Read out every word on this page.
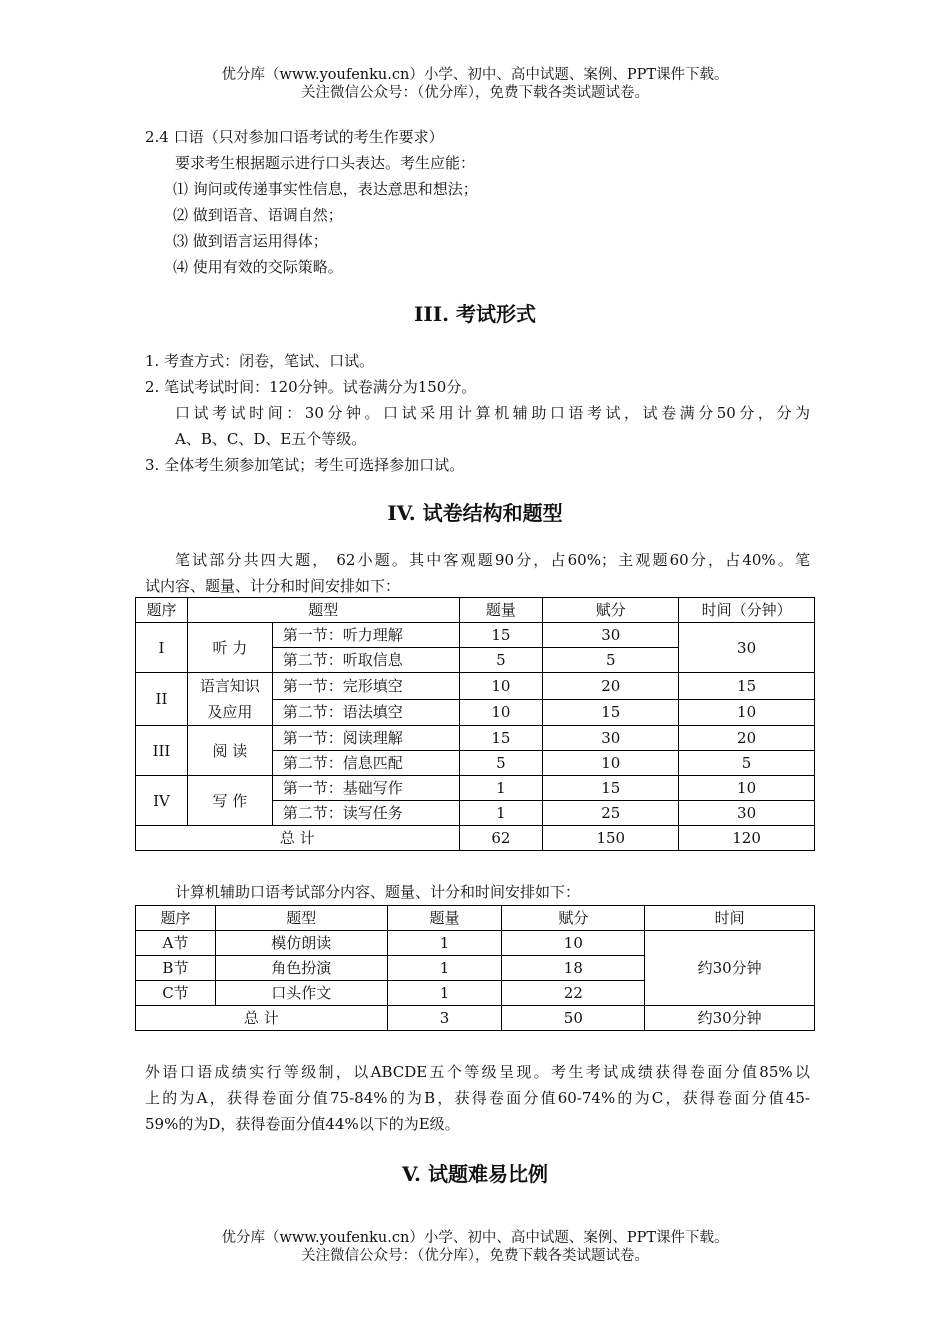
优分库（www.youfenku.cn）小学、初中、高中试题、案例、PPT课件下载。
关注微信公众号：（优分库），免费下载各类试题试卷。
2.4 口语（只对参加口语考试的考生作要求）
要求考生根据题示进行口头表达。考生应能：
⑴ 询问或传递事实性信息，表达意思和想法；
⑵ 做到语音、语调自然；
⑶ 做到语言运用得体；
⑷ 使用有效的交际策略。
III. 考试形式
1. 考查方式：闭卷，笔试、口试。
2. 笔试考试时间：120分钟。试卷满分为150分。
口试考试时间：30分钟。口试采用计算机辅助口语考试，试卷满分50分，分为
A、B、C、D、E五个等级。
3. 全体考生须参加笔试；考生可选择参加口试。
IV. 试卷结构和题型
笔试部分共四大题， 62小题。其中客观题90分，占60%；主观题60分，占40%。笔
试内容、题量、计分和时间安排如下：
题序	题型		题量	赋分	时间（分钟）
I	听 力	第一节：听力理解	15	30	30
		第二节：听取信息	5	5	
II	语言知识
及应用	第一节：完形填空	10	20	15
		第二节：语法填空	10	15	10
III	阅 读	第一节：阅读理解	15	30	20
		第二节：信息匹配	5	10	5
IV	写 作	第一节：基础写作	1	15	10
		第二节：读写任务	1	25	30
总 计			62	150	120
计算机辅助口语考试部分内容、题量、计分和时间安排如下：
题序	题型	题量	赋分	时间
A节	模仿朗读	1	10	约30分钟
B节	角色扮演	1	18	
C节	口头作文	1	22	
总 计		3	50	约30分钟
外语口语成绩实行等级制，以ABCDE五个等级呈现。考生考试成绩获得卷面分值85%以
上的为A，获得卷面分值75-84%的为B，获得卷面分值60-74%的为C，获得卷面分值45-
59%的为D，获得卷面分值44%以下的为E级。
V. 试题难易比例
优分库（www.youfenku.cn）小学、初中、高中试题、案例、PPT课件下载。
关注微信公众号：（优分库），免费下载各类试题试卷。
